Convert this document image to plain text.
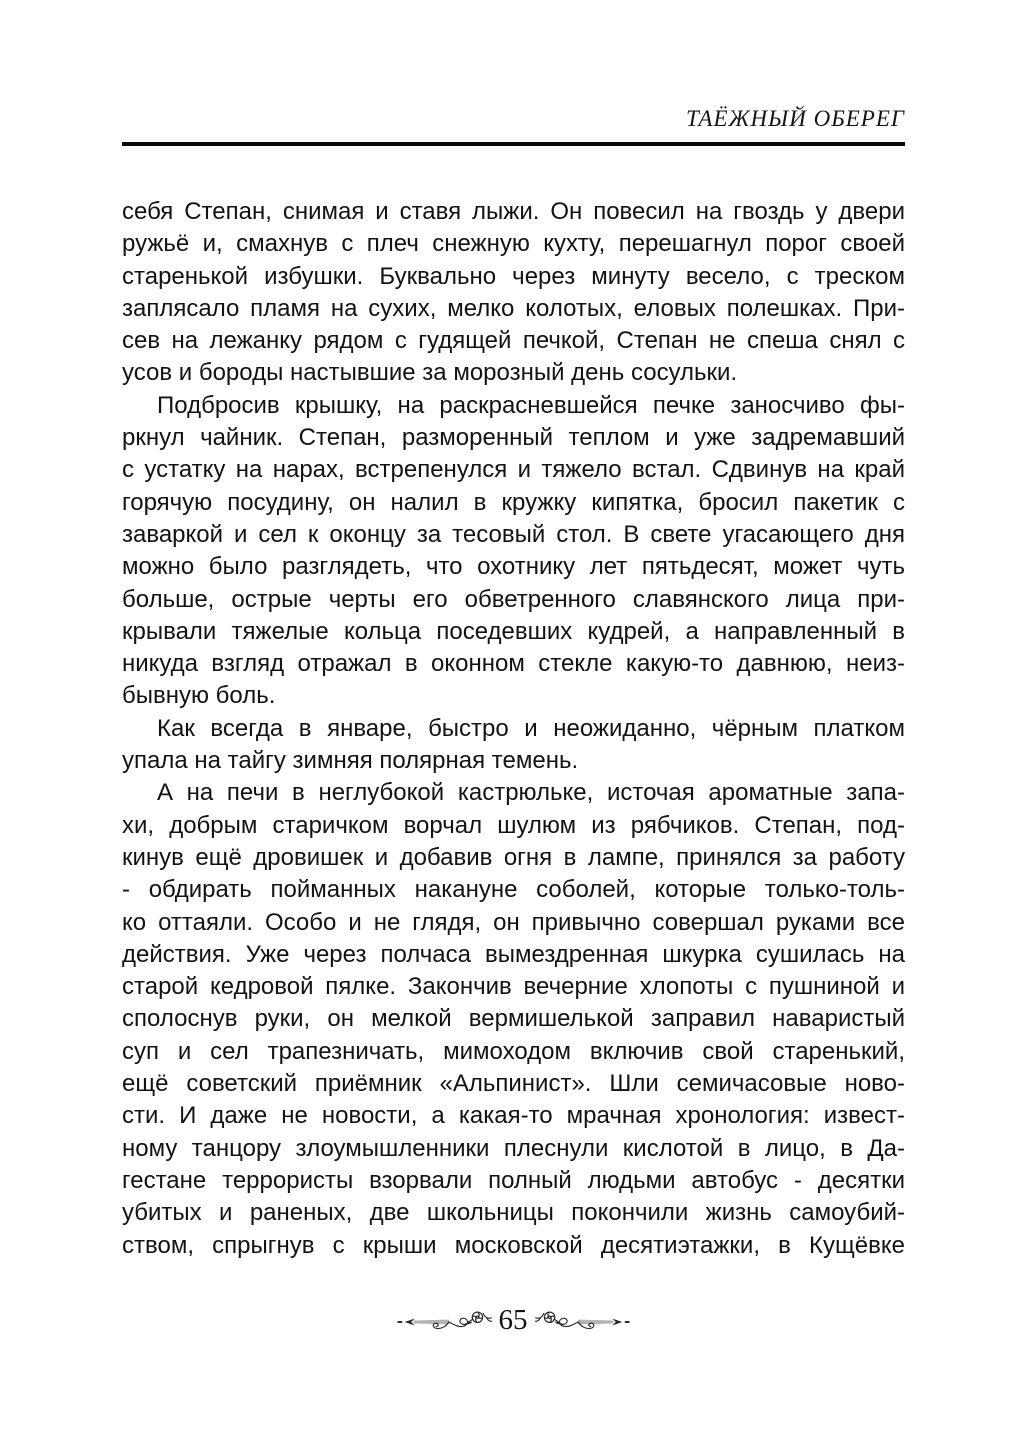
ТАЁЖНЫЙ ОБЕРЕГ
себя Степан, снимая и ставя лыжи. Он повесил на гвоздь у двери
ружьё и, смахнув с плеч снежную кухту, перешагнул порог своей
старенькой избушки. Буквально через минуту весело, с треском
заплясало пламя на сухих, мелко колотых, еловых полешках. При-
сев на лежанку рядом с гудящей печкой, Степан не спеша снял с
усов и бороды настывшие за морозный день сосульки.
Подбросив крышку, на раскрасневшейся печке заносчиво фы-
ркнул чайник. Степан, разморенный теплом и уже задремавший
с устатку на нарах, встрепенулся и тяжело встал. Сдвинув на край
горячую посудину, он налил в кружку кипятка, бросил пакетик с
заваркой и сел к оконцу за тесовый стол. В свете угасающего дня
можно было разглядеть, что охотнику лет пятьдесят, может чуть
больше, острые черты его обветренного славянского лица при-
крывали тяжелые кольца поседевших кудрей, а направленный в
никуда взгляд отражал в оконном стекле какую-то давнюю, неиз-
бывную боль.
Как всегда в январе, быстро и неожиданно, чёрным платком
упала на тайгу зимняя полярная темень.
А на печи в неглубокой кастрюльке, источая ароматные запа-
хи, добрым старичком ворчал шулюм из рябчиков. Степан, под-
кинув ещё дровишек и добавив огня в лампе, принялся за работу
- обдирать пойманных накануне соболей, которые только-толь-
ко оттаяли. Особо и не глядя, он привычно совершал руками все
действия. Уже через полчаса вымездренная шкурка сушилась на
старой кедровой пялке. Закончив вечерние хлопоты с пушниной и
сполоснув руки, он мелкой вермишелькой заправил наваристый
суп и сел трапезничать, мимоходом включив свой старенький,
ещё советский приёмник «Альпинист». Шли семичасовые ново-
сти. И даже не новости, а какая-то мрачная хронология: извест-
ному танцору злоумышленники плеснули кислотой в лицо, в Да-
гестане террористы взорвали полный людьми автобус - десятки
убитых и раненых, две школьницы покончили жизнь самоубий-
ством, спрыгнув с крыши московской десятиэтажки, в Кущёвке
65
